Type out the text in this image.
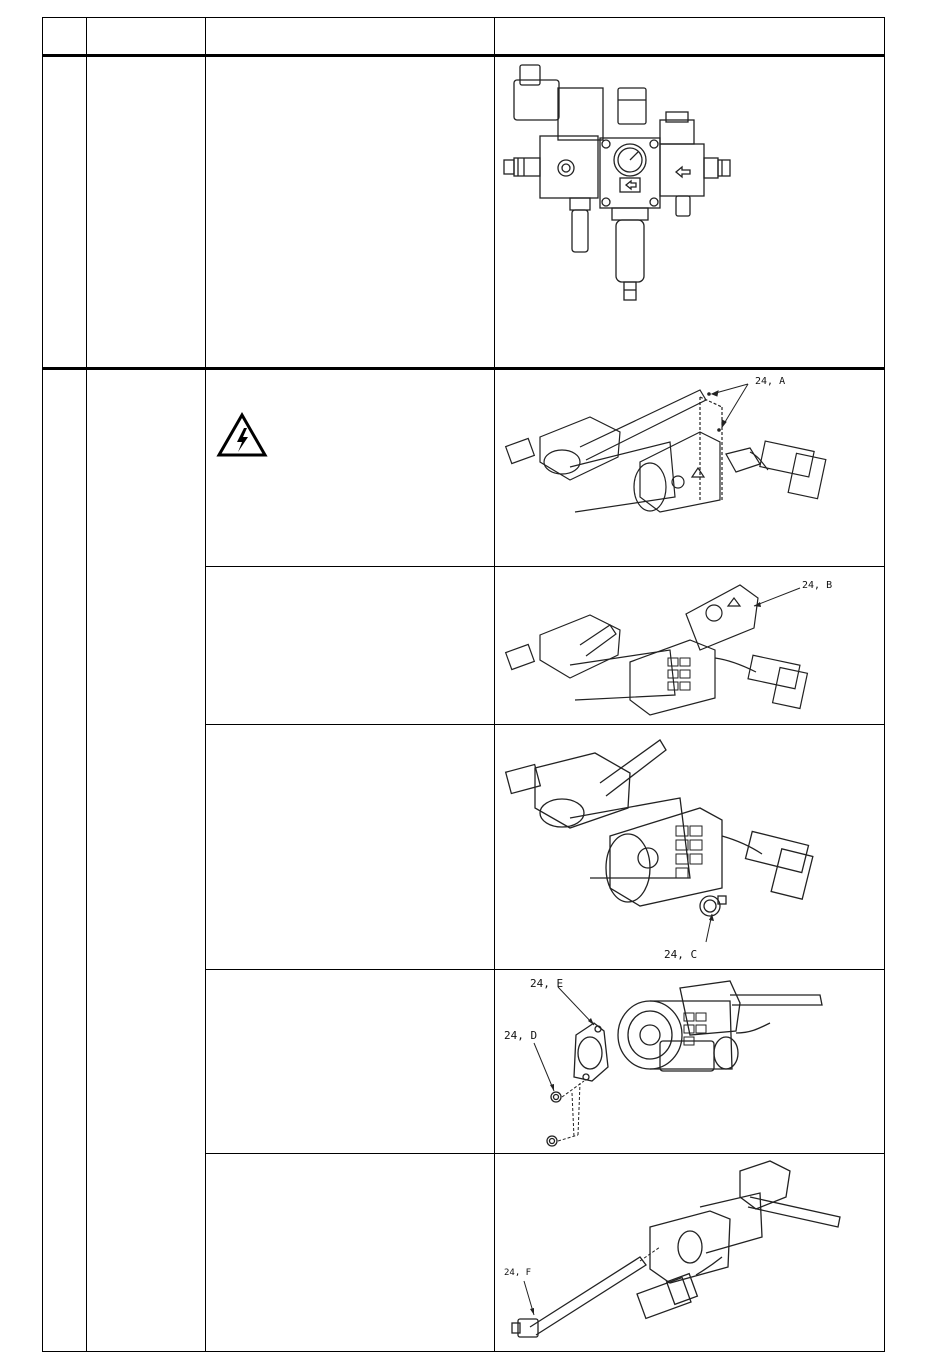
24, A
24, B
24, C
24, E
24, D
24, F
